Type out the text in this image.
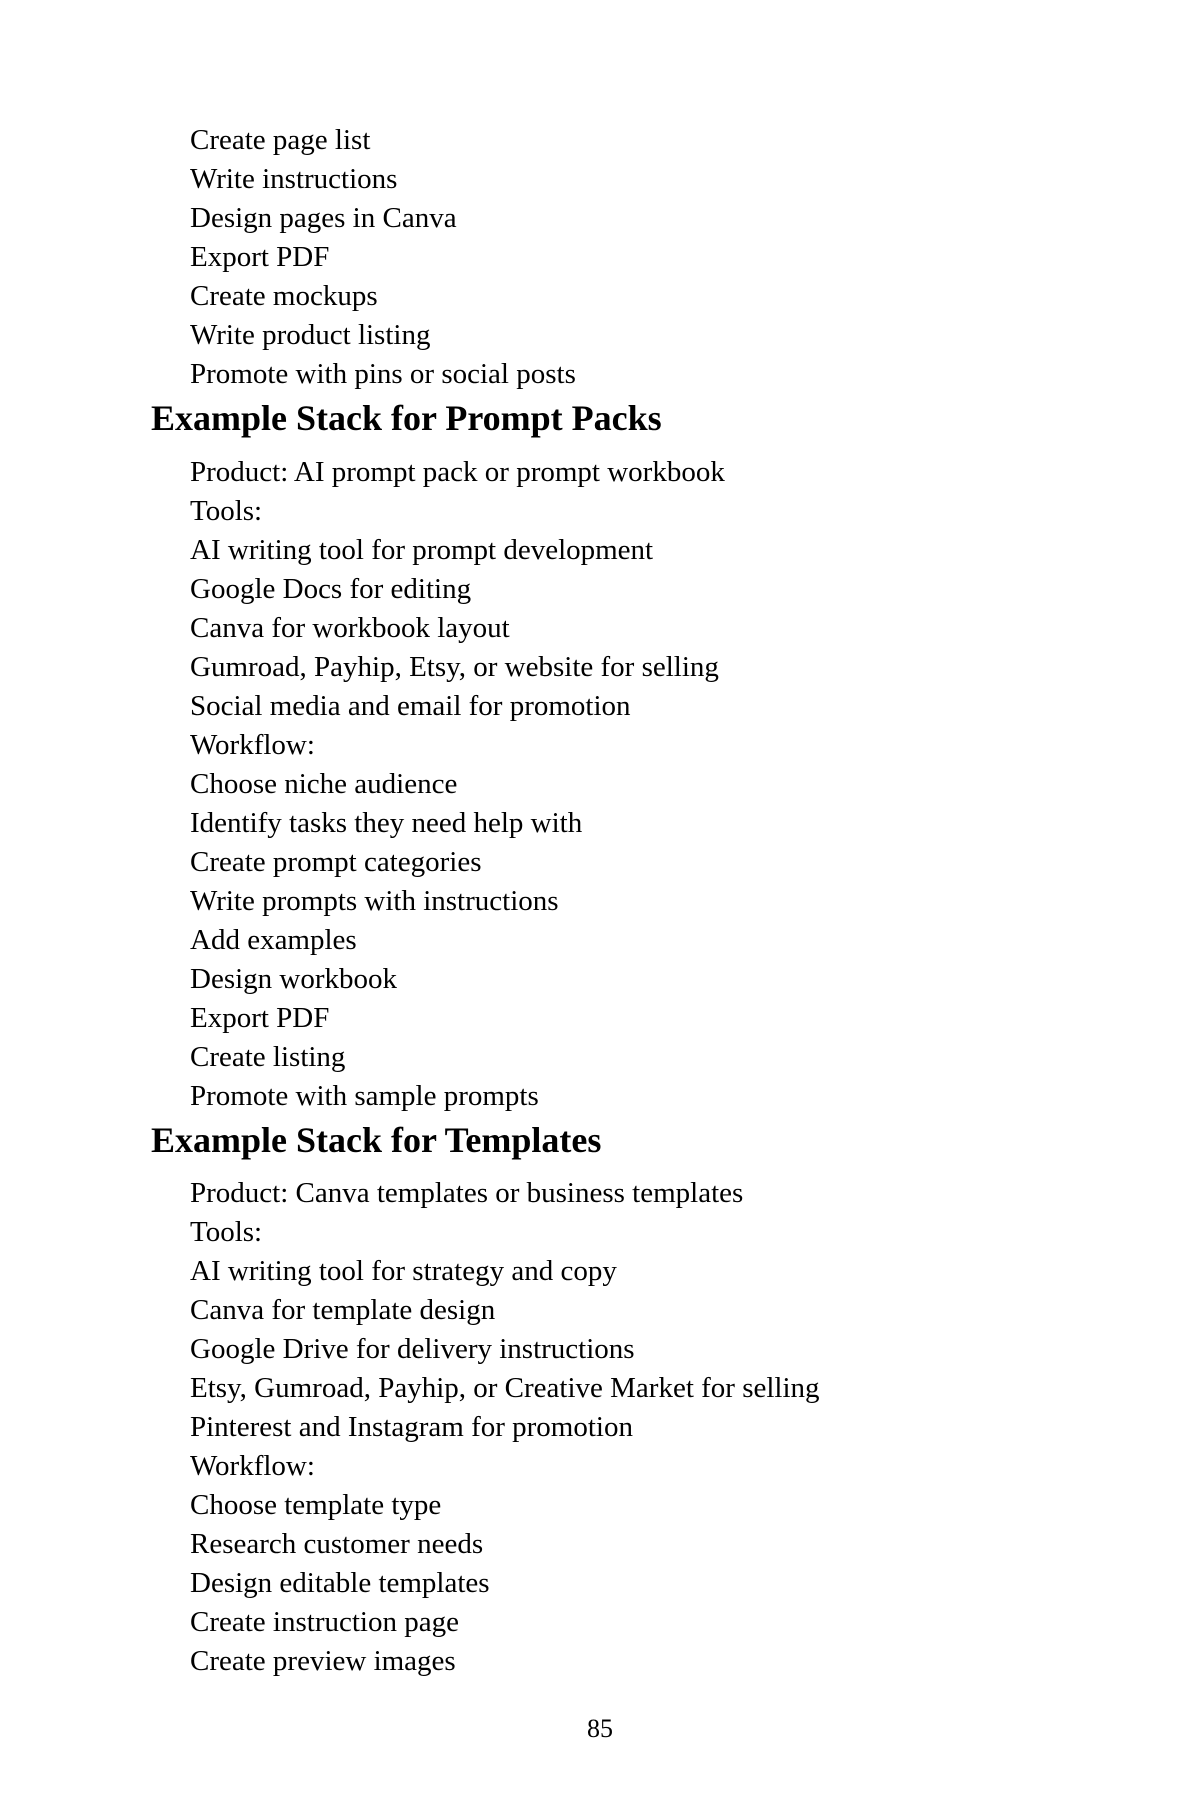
Create page list
Write instructions
Design pages in Canva
Export PDF
Create mockups
Write product listing
Promote with pins or social posts
Example Stack for Prompt Packs
Product: AI prompt pack or prompt workbook
Tools:
AI writing tool for prompt development
Google Docs for editing
Canva for workbook layout
Gumroad, Payhip, Etsy, or website for selling
Social media and email for promotion
Workflow:
Choose niche audience
Identify tasks they need help with
Create prompt categories
Write prompts with instructions
Add examples
Design workbook
Export PDF
Create listing
Promote with sample prompts
Example Stack for Templates
Product: Canva templates or business templates
Tools:
AI writing tool for strategy and copy
Canva for template design
Google Drive for delivery instructions
Etsy, Gumroad, Payhip, or Creative Market for selling
Pinterest and Instagram for promotion
Workflow:
Choose template type
Research customer needs
Design editable templates
Create instruction page
Create preview images
85
